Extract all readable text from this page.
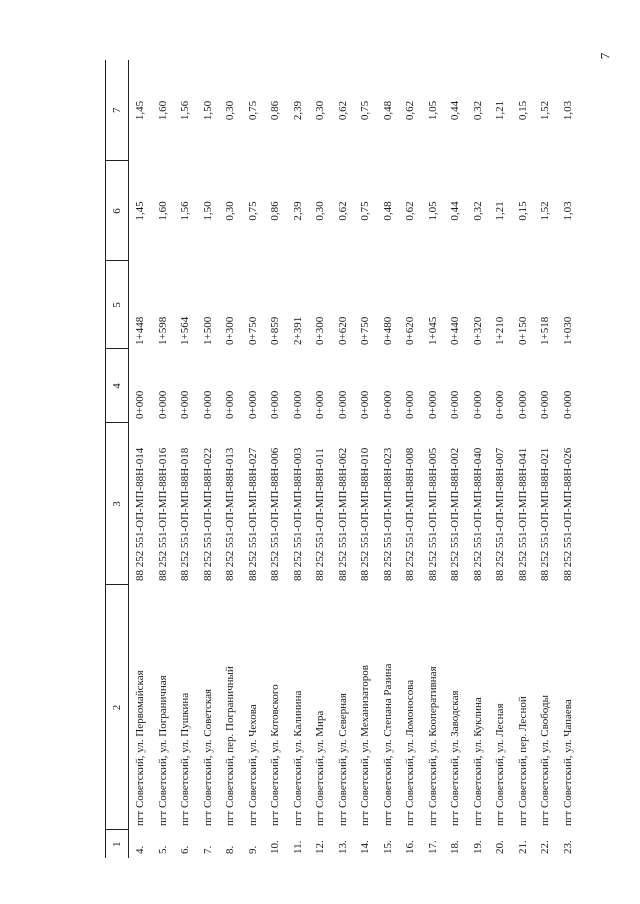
7
1	2	3	4	5	6	7
4.	пгт Советский, ул. Первомайская	88 252 551-ОП-МП-88Н-014	0+000	1+448	1,45	1,45
5.	пгт Советский, ул. Пограничная	88 252 551-ОП-МП-88Н-016	0+000	1+598	1,60	1,60
6.	пгт Советский, ул. Пушкина	88 252 551-ОП-МП-88Н-018	0+000	1+564	1,56	1,56
7.	пгт Советский, ул. Советская	88 252 551-ОП-МП-88Н-022	0+000	1+500	1,50	1,50
8.	пгт Советский, пер. Пограничный	88 252 551-ОП-МП-88Н-013	0+000	0+300	0,30	0,30
9.	пгт Советский, ул. Чехова	88 252 551-ОП-МП-88Н-027	0+000	0+750	0,75	0,75
10.	пгт Советский, ул. Котовского	88 252 551-ОП-МП-88Н-006	0+000	0+859	0,86	0,86
11.	пгт Советский, ул. Калинина	88 252 551-ОП-МП-88Н-003	0+000	2+391	2,39	2,39
12.	пгт Советский, ул. Мира	88 252 551-ОП-МП-88Н-011	0+000	0+300	0,30	0,30
13.	пгт Советский, ул. Северная	88 252 551-ОП-МП-88Н-062	0+000	0+620	0,62	0,62
14.	пгт Советский, ул. Механизаторов	88 252 551-ОП-МП-88Н-010	0+000	0+750	0,75	0,75
15.	пгт Советский, ул. Степана Разина	88 252 551-ОП-МП-88Н-023	0+000	0+480	0,48	0,48
16.	пгт Советский, ул. Ломоносова	88 252 551-ОП-МП-88Н-008	0+000	0+620	0,62	0,62
17.	пгт Советский, ул. Кооперативная	88 252 551-ОП-МП-88Н-005	0+000	1+045	1,05	1,05
18.	пгт Советский, ул. Заводская	88 252 551-ОП-МП-88Н-002	0+000	0+440	0,44	0,44
19.	пгт Советский, ул. Куклина	88 252 551-ОП-МП-88Н-040	0+000	0+320	0,32	0,32
20.	пгт Советский, ул. Лесная	88 252 551-ОП-МП-88Н-007	0+000	1+210	1,21	1,21
21.	пгт Советский, пер. Лесной	88 252 551-ОП-МП-88Н-041	0+000	0+150	0,15	0,15
22.	пгт Советский, ул. Свободы	88 252 551-ОП-МП-88Н-021	0+000	1+518	1,52	1,52
23.	пгт Советский, ул. Чапаева	88 252 551-ОП-МП-88Н-026	0+000	1+030	1,03	1,03
